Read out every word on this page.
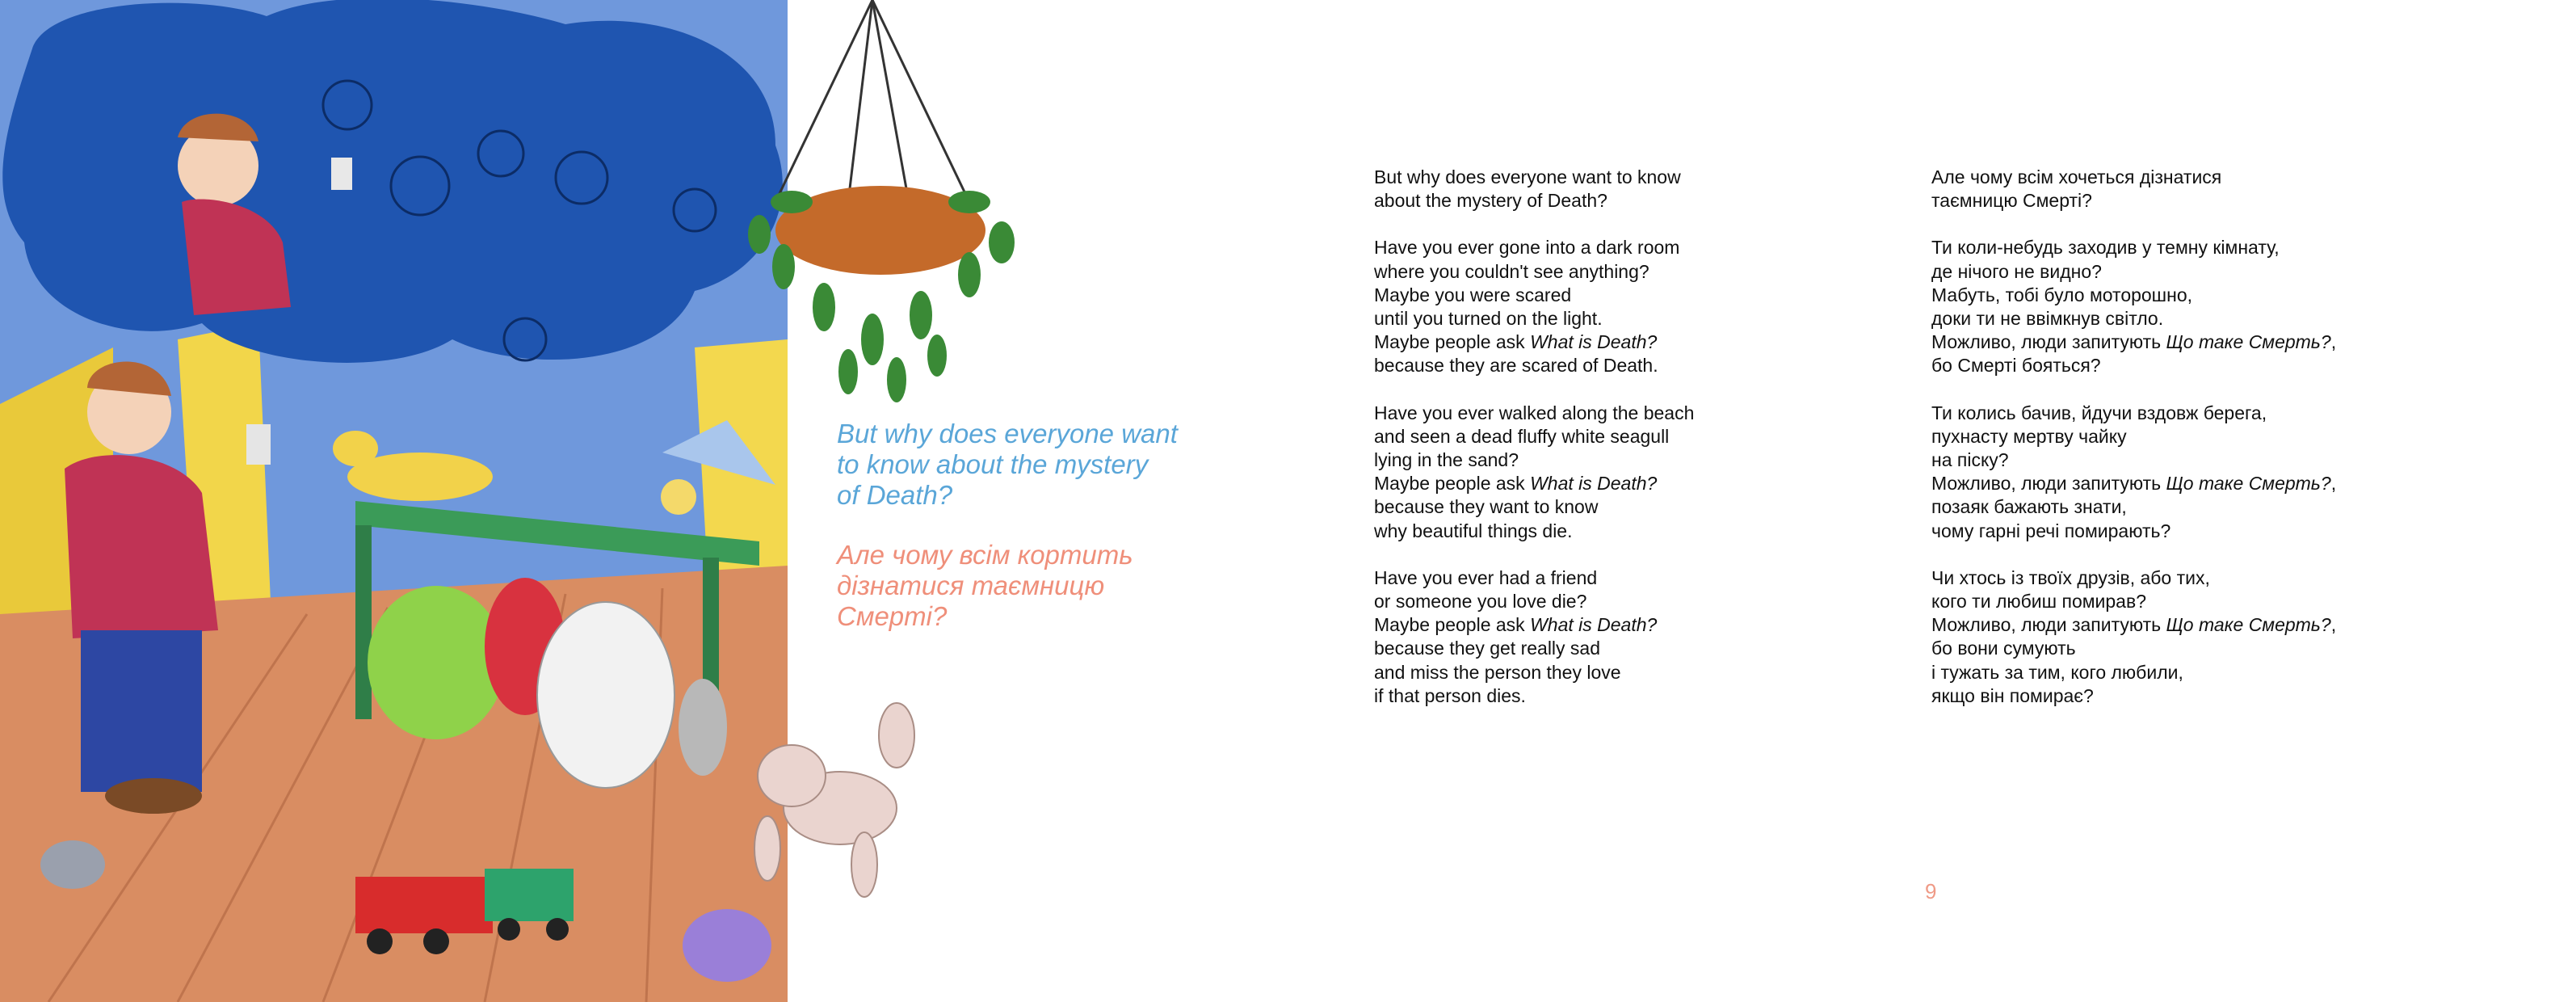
But why does everyone want
to know about the mystery
of Death?
Але чому всім кортить
дізнатися таємницю
Смерті?
But why does everyone want to know
about the mystery of Death?
Have you ever gone into a dark room
where you couldn't see anything?
Maybe you were scared
until you turned on the light.
Maybe people ask What is Death?
because they are scared of Death.
Have you ever walked along the beach
and seen a dead fluffy white seagull
lying in the sand?
Maybe people ask What is Death?
because they want to know
why beautiful things die.
Have you ever had a friend
or someone you love die?
Maybe people ask What is Death?
because they get really sad
and miss the person they love
if that person dies.
Але чому всім хочеться дізнатися
таємницю Смерті?
Ти коли-небудь заходив у темну кімнату,
де нічого не видно?
Мабуть, тобі було моторошно,
доки ти не ввімкнув світло.
Можливо, люди запитують Що таке Смерть?,
бо Смерті бояться?
Ти колись бачив, йдучи вздовж берега,
пухнасту мертву чайку
на піску?
Можливо, люди запитують Що таке Смерть?,
позаяк бажають знати,
чому гарні речі помирають?
Чи хтось із твоїх друзів, або тих,
кого ти любиш помирав?
Можливо, люди запитують Що таке Смерть?,
бо вони сумують
і тужать за тим, кого любили,
якщо він помирає?
9
